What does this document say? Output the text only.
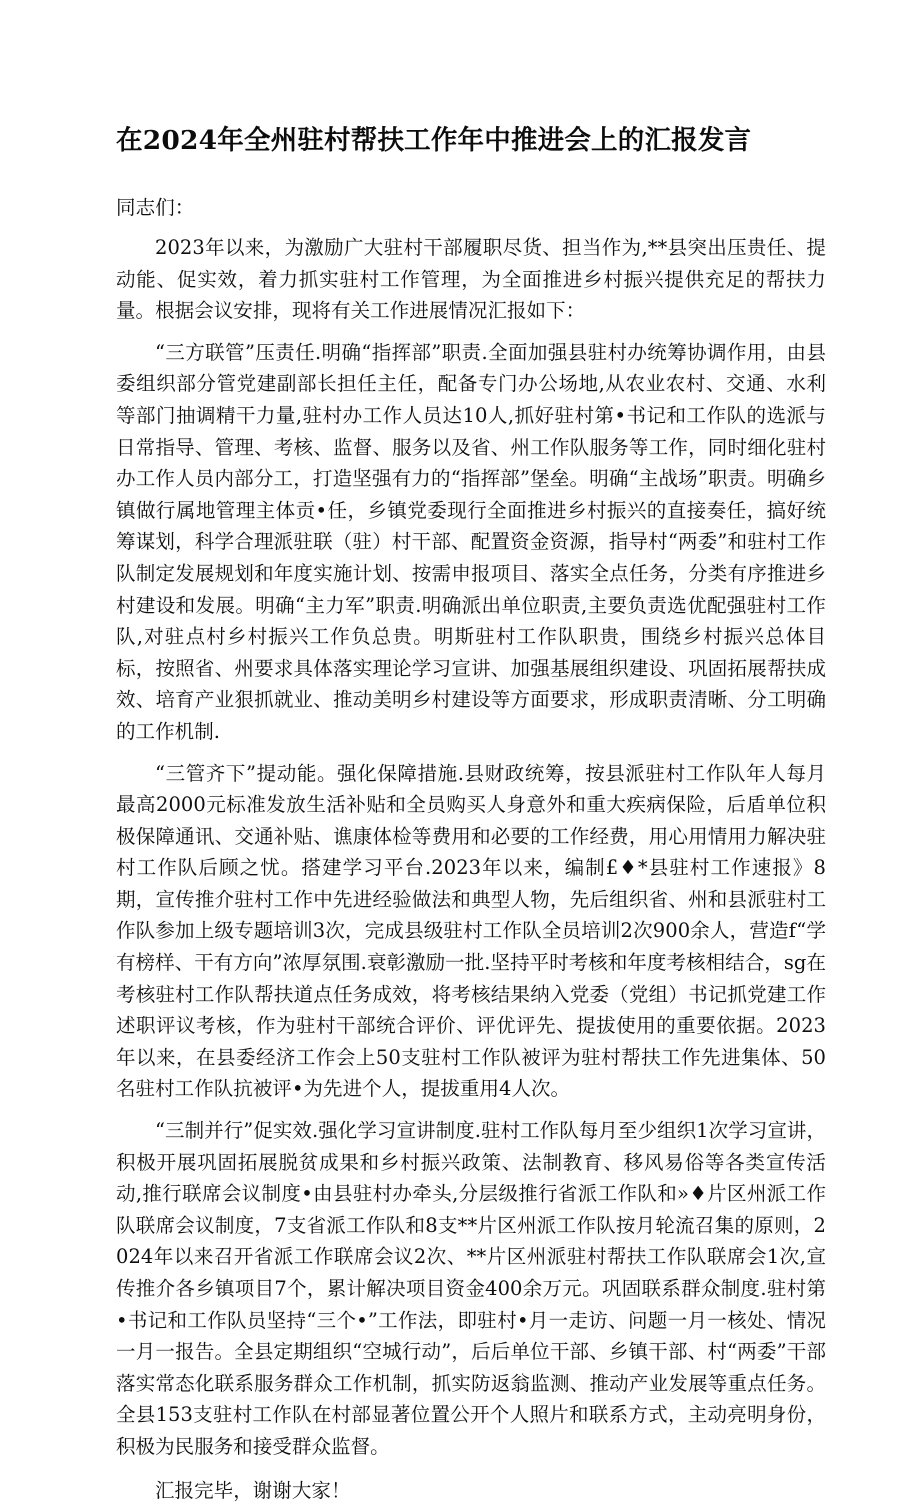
在2024年全州驻村帮扶工作年中推进会上的汇报发言

同志们：

2023年以来，为激励广大驻村干部履职尽货、担当作为,**县突出压贵任、提动能、促实效，着力抓实驻村工作管理，为全面推进乡村振兴提供充足的帮扶力量。根据会议安排，现将有关工作进展情况汇报如下：

“三方联管”压责任.明确“指挥部”职责.全面加强县驻村办统筹协调作用，由县委组织部分管党建副部长担任主任，配备专门办公场地,从农业农村、交通、水利等部门抽调精干力量,驻村办工作人员达10人,抓好驻村第•书记和工作队的选派与日常指导、管理、考核、监督、服务以及省、州工作队服务等工作，同时细化驻村办工作人员内部分工，打造坚强有力的“指挥部”堡垒。明确“主战场”职责。明确乡镇做行属地管理主体贡•任，乡镇党委现行全面推进乡村振兴的直接奏任，搞好统筹谋划，科学合理派驻联（驻）村干部、配置资金资源，指导村“两委”和驻村工作队制定发展规划和年度实施计划、按需申报项目、落实全点任务，分类有序推进乡村建设和发展。明确“主力军”职责.明确派出单位职责,主要负责选优配强驻村工作队,对驻点村乡村振兴工作负总贵。明斯驻村工作队职贵，围绕乡村振兴总体目标，按照省、州要求具体落实理论学习宣讲、加强基展组织建设、巩固拓展帮扶成效、培育产业狠抓就业、推动美明乡村建设等方面要求，形成职责清晰、分工明确的工作机制.

“三管齐下”提动能。强化保障措施.县财政统筹，按县派驻村工作队年人每月最高2000元标准发放生活补贴和全员购买人身意外和重大疾病保险，后盾单位积极保障通讯、交通补贴、谯康体检等费用和必要的工作经费，用心用情用力解决驻村工作队后顾之忧。搭建学习平台.2023年以来，编制£♦*县驻村工作速报》8期，宣传推介驻村工作中先进经验做法和典型人物，先后组织省、州和县派驻村工作队参加上级专题培训3次，完成县级驻村工作队全员培训2次900余人，营造f“学有榜样、干有方向”浓厚氛围.衰彰激励一批.坚持平时考核和年度考核相结合，sg在考核驻村工作队帮扶道点任务成效，将考核结果纳入党委（党组）书记抓党建工作述职评议考核，作为驻村干部统合评价、评优评先、提拔使用的重要依据。2023年以来，在县委经济工作会上50支驻村工作队被评为驻村帮扶工作先进集体、50名驻村工作队抗被评•为先进个人，提拔重用4人次。

“三制并行”促实效.强化学习宣讲制度.驻村工作队每月至少组织1次学习宣讲，积极开展巩固拓展脱贫成果和乡村振兴政策、法制教育、移风易俗等各类宣传活动,推行联席会议制度•由县驻村办牵头,分层级推行省派工作队和»♦片区州派工作队联席会议制度，7支省派工作队和8支**片区州派工作队按月轮流召集的原则，2024年以来召开省派工作联席会议2次、**片区州派驻村帮扶工作队联席会1次,宣传推介各乡镇项目7个，累计解决项目资金400余万元。巩固联系群众制度.驻村第•书记和工作队员坚持“三个•”工作法，即驻村•月一走访、问题一月一核处、情况一月一报告。全县定期组织“空城行动”，后后单位干部、乡镇干部、村“两委”干部落实常态化联系服务群众工作机制，抓实防返翁监测、推动产业发展等重点任务。全县153支驻村工作队在村部显著位置公开个人照片和联系方式，主动亮明身份，积极为民服务和接受群众监督。

汇报完毕，谢谢大家！
